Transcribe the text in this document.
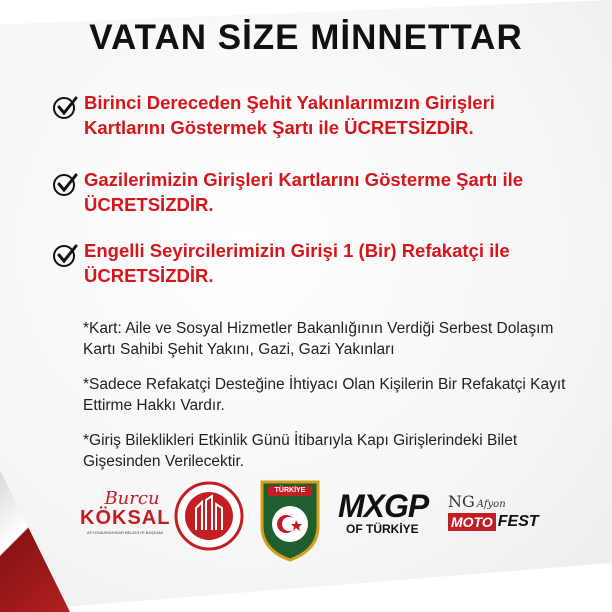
VATAN SİZE MİNNETTAR
Birinci Dereceden Şehit Yakınlarımızın Girişleri Kartlarını Göstermek Şartı ile ÜCRETSİZDİR.
Gazilerimizin Girişleri Kartlarını Gösterme Şartı ile ÜCRETSİZDİR.
Engelli Seyircilerimizin Girişi 1 (Bir) Refakatçi ile ÜCRETSİZDİR.
*Kart: Aile ve Sosyal Hizmetler Bakanlığının Verdiği Serbest Dolaşım Kartı Sahibi Şehit Yakını, Gazi, Gazi Yakınları
*Sadece Refakatçi Desteğine İhtiyacı Olan Kişilerin Bir Refakatçi Kayıt Ettirme Hakkı Vardır.
*Giriş Bileklikleri Etkinlik Günü İtibarıyla Kapı Girişlerindeki Bilet Gişesinden Verilecektir.
Burcu
KÖKSAL
AFYONKARAHİSAR BELEDİYE BAŞKANI
TÜRKİYE MXGP
OF TÜRKİYE
NG Afyon
MOTO FEST
